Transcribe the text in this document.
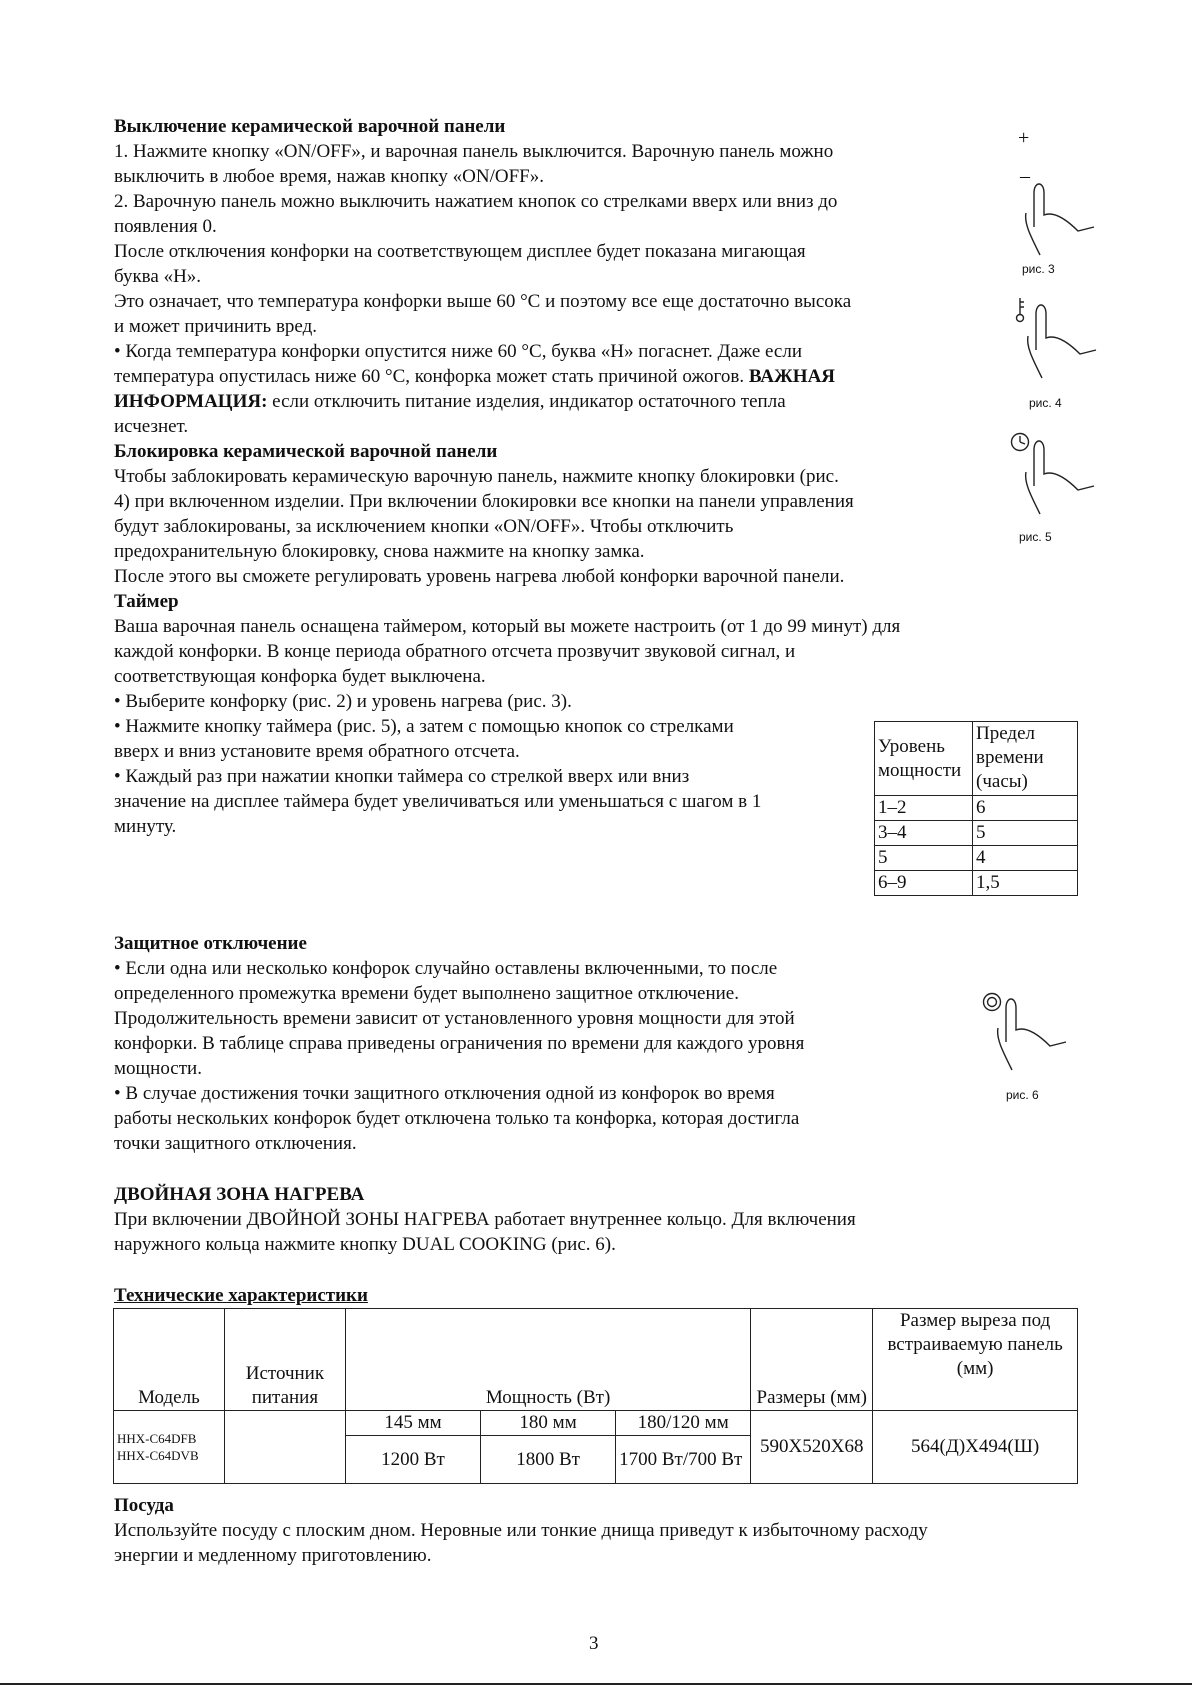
Выключение керамической варочной панели
1. Нажмите кнопку «ON/OFF», и варочная панель выключится. Варочную панель можно
выключить в любое время, нажав кнопку «ON/OFF».
2. Варочную панель можно выключить нажатием кнопок со стрелками вверх или вниз до
появления 0.
После отключения конфорки на соответствующем дисплее будет показана мигающая
буква «H».
Это означает, что температура конфорки выше 60 °C и поэтому все еще достаточно высока
и может причинить вред.
• Когда температура конфорки опустится ниже 60 °C, буква «H» погаснет. Даже если
температура опустилась ниже 60 °C, конфорка может стать причиной ожогов. ВАЖНАЯ
ИНФОРМАЦИЯ: если отключить питание изделия, индикатор остаточного тепла
исчезнет.
Блокировка керамической варочной панели
Чтобы заблокировать керамическую варочную панель, нажмите кнопку блокировки (рис.
4) при включенном изделии. При включении блокировки все кнопки на панели управления
будут заблокированы, за исключением кнопки «ON/OFF». Чтобы отключить
предохранительную блокировку, снова нажмите на кнопку замка.
После этого вы сможете регулировать уровень нагрева любой конфорки варочной панели.
Таймер
Ваша варочная панель оснащена таймером, который вы можете настроить (от 1 до 99 минут) для
каждой конфорки. В конце периода обратного отсчета прозвучит звуковой сигнал, и
соответствующая конфорка будет выключена.
• Выберите конфорку (рис. 2) и уровень нагрева (рис. 3).
• Нажмите кнопку таймера (рис. 5), а затем с помощью кнопок со стрелками
вверх и вниз установите время обратного отсчета.
• Каждый раз при нажатии кнопки таймера со стрелкой вверх или вниз
значение на дисплее таймера будет увеличиваться или уменьшаться с шагом в 1
минуту.
Уровень мощности	Предел времени (часы)
1–2	6
3–4	5
5	4
6–9	1,5
Защитное отключение
• Если одна или несколько конфорок случайно оставлены включенными, то после
определенного промежутка времени будет выполнено защитное отключение.
Продолжительность времени зависит от установленного уровня мощности для этой
конфорки. В таблице справа приведены ограничения по времени для каждого уровня
мощности.
• В случае достижения точки защитного отключения одной из конфорок во время
работы нескольких конфорок будет отключена только та конфорка, которая достигла
точки защитного отключения.
ДВОЙНАЯ ЗОНА НАГРЕВА
При включении ДВОЙНОЙ ЗОНЫ НАГРЕВА работает внутреннее кольцо. Для включения
наружного кольца нажмите кнопку DUAL COOKING (рис. 6).
Технические характеристики
Модель	Источник питания	Мощность (Вт)			Размеры (мм)	Размер выреза под встраиваемую панель (мм)
HHX-C64DFB HHX-C64DVB		145 мм	180 мм	180/120 мм	590X520X68	564(Д)X494(Ш)
		1200 Вт	1800 Вт	1700 Вт/700 Вт		
Посуда
Используйте посуду с плоским дном. Неровные или тонкие днища приведут к избыточному расходу
энергии и медленному приготовлению.
+
–
рис. 3
рис. 4
рис. 5
рис. 6
3
